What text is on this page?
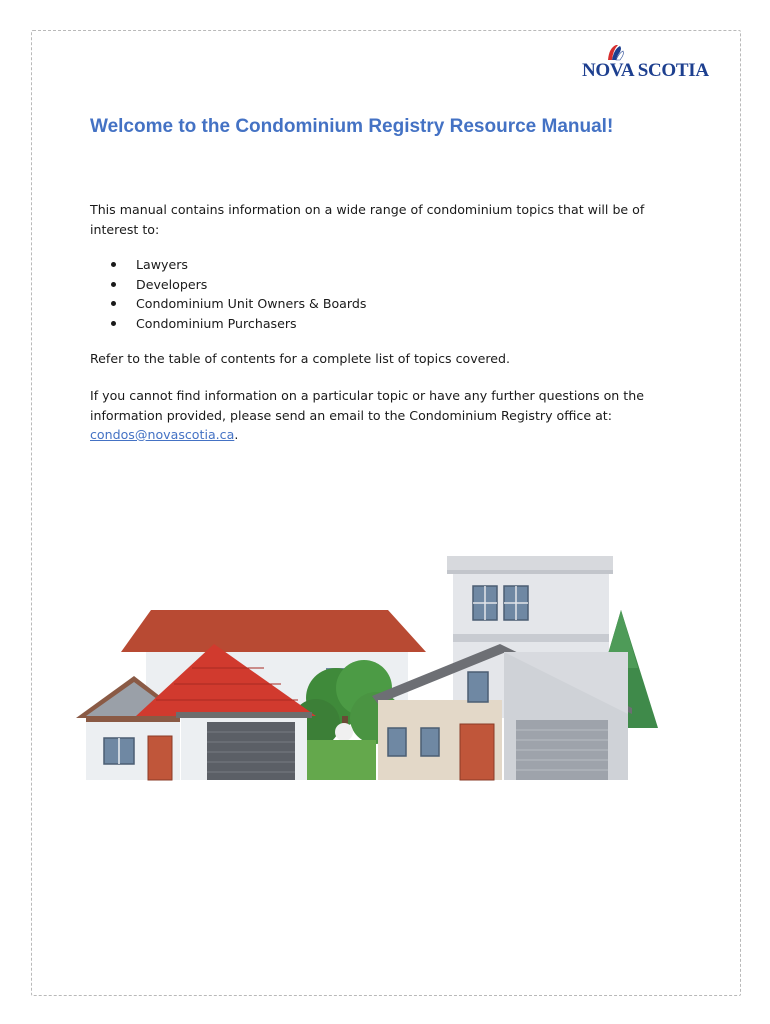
NOVA SCOTIA
Welcome to the Condominium Registry Resource Manual!

This manual contains information on a wide range of condominium topics that will be of interest to:

Lawyers
Developers
Condominium Unit Owners & Boards
Condominium Purchasers

Refer to the table of contents for a complete list of topics covered.

If you cannot find information on a particular topic or have any further questions on the information provided, please send an email to the Condominium Registry office at: condos@novascotia.ca.
